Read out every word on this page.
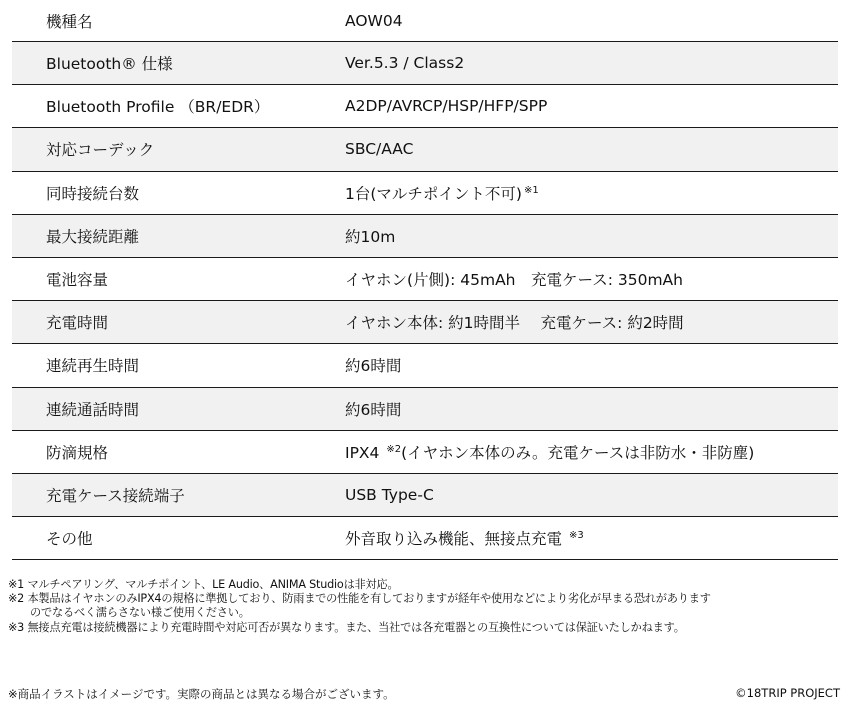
機種名	AOW04
Bluetooth® 仕様	Ver.5.3 / Class2
Bluetooth Profile （BR/EDR）	A2DP/AVRCP/HSP/HFP/SPP
対応コーデック	SBC/AAC
同時接続台数	1台(マルチポイント不可) $^{※1}$
最大接続距離	約10m
電池容量	イヤホン(片側): 45mAh　充電ケース: 350mAh
充電時間	イヤホン本体: 約1時間半　 充電ケース: 約2時間
連続再生時間	約6時間
連続通話時間	約6時間
防滴規格	IPX4 $^{※2}$(イヤホン本体のみ。充電ケースは非防水・非防塵)
充電ケース接続端子	USB Type-C
その他	外音取り込み機能、無接点充電 $^{※3}$
※1 マルチペアリング、マルチポイント、LE Audio、ANIMA Studioは非対応。
※2 本製品はイヤホンのみIPX4の規格に準拠しており、防雨までの性能を有しておりますが経年や使用などにより劣化が早まる恐れがあります
のでなるべく濡らさない様ご使用ください。
※3 無接点充電は接続機器により充電時間や対応可否が異なります。また、当社では各充電器との互換性については保証いたしかねます。
※商品イラストはイメージです。実際の商品とは異なる場合がございます。	©18TRIP PROJECT
